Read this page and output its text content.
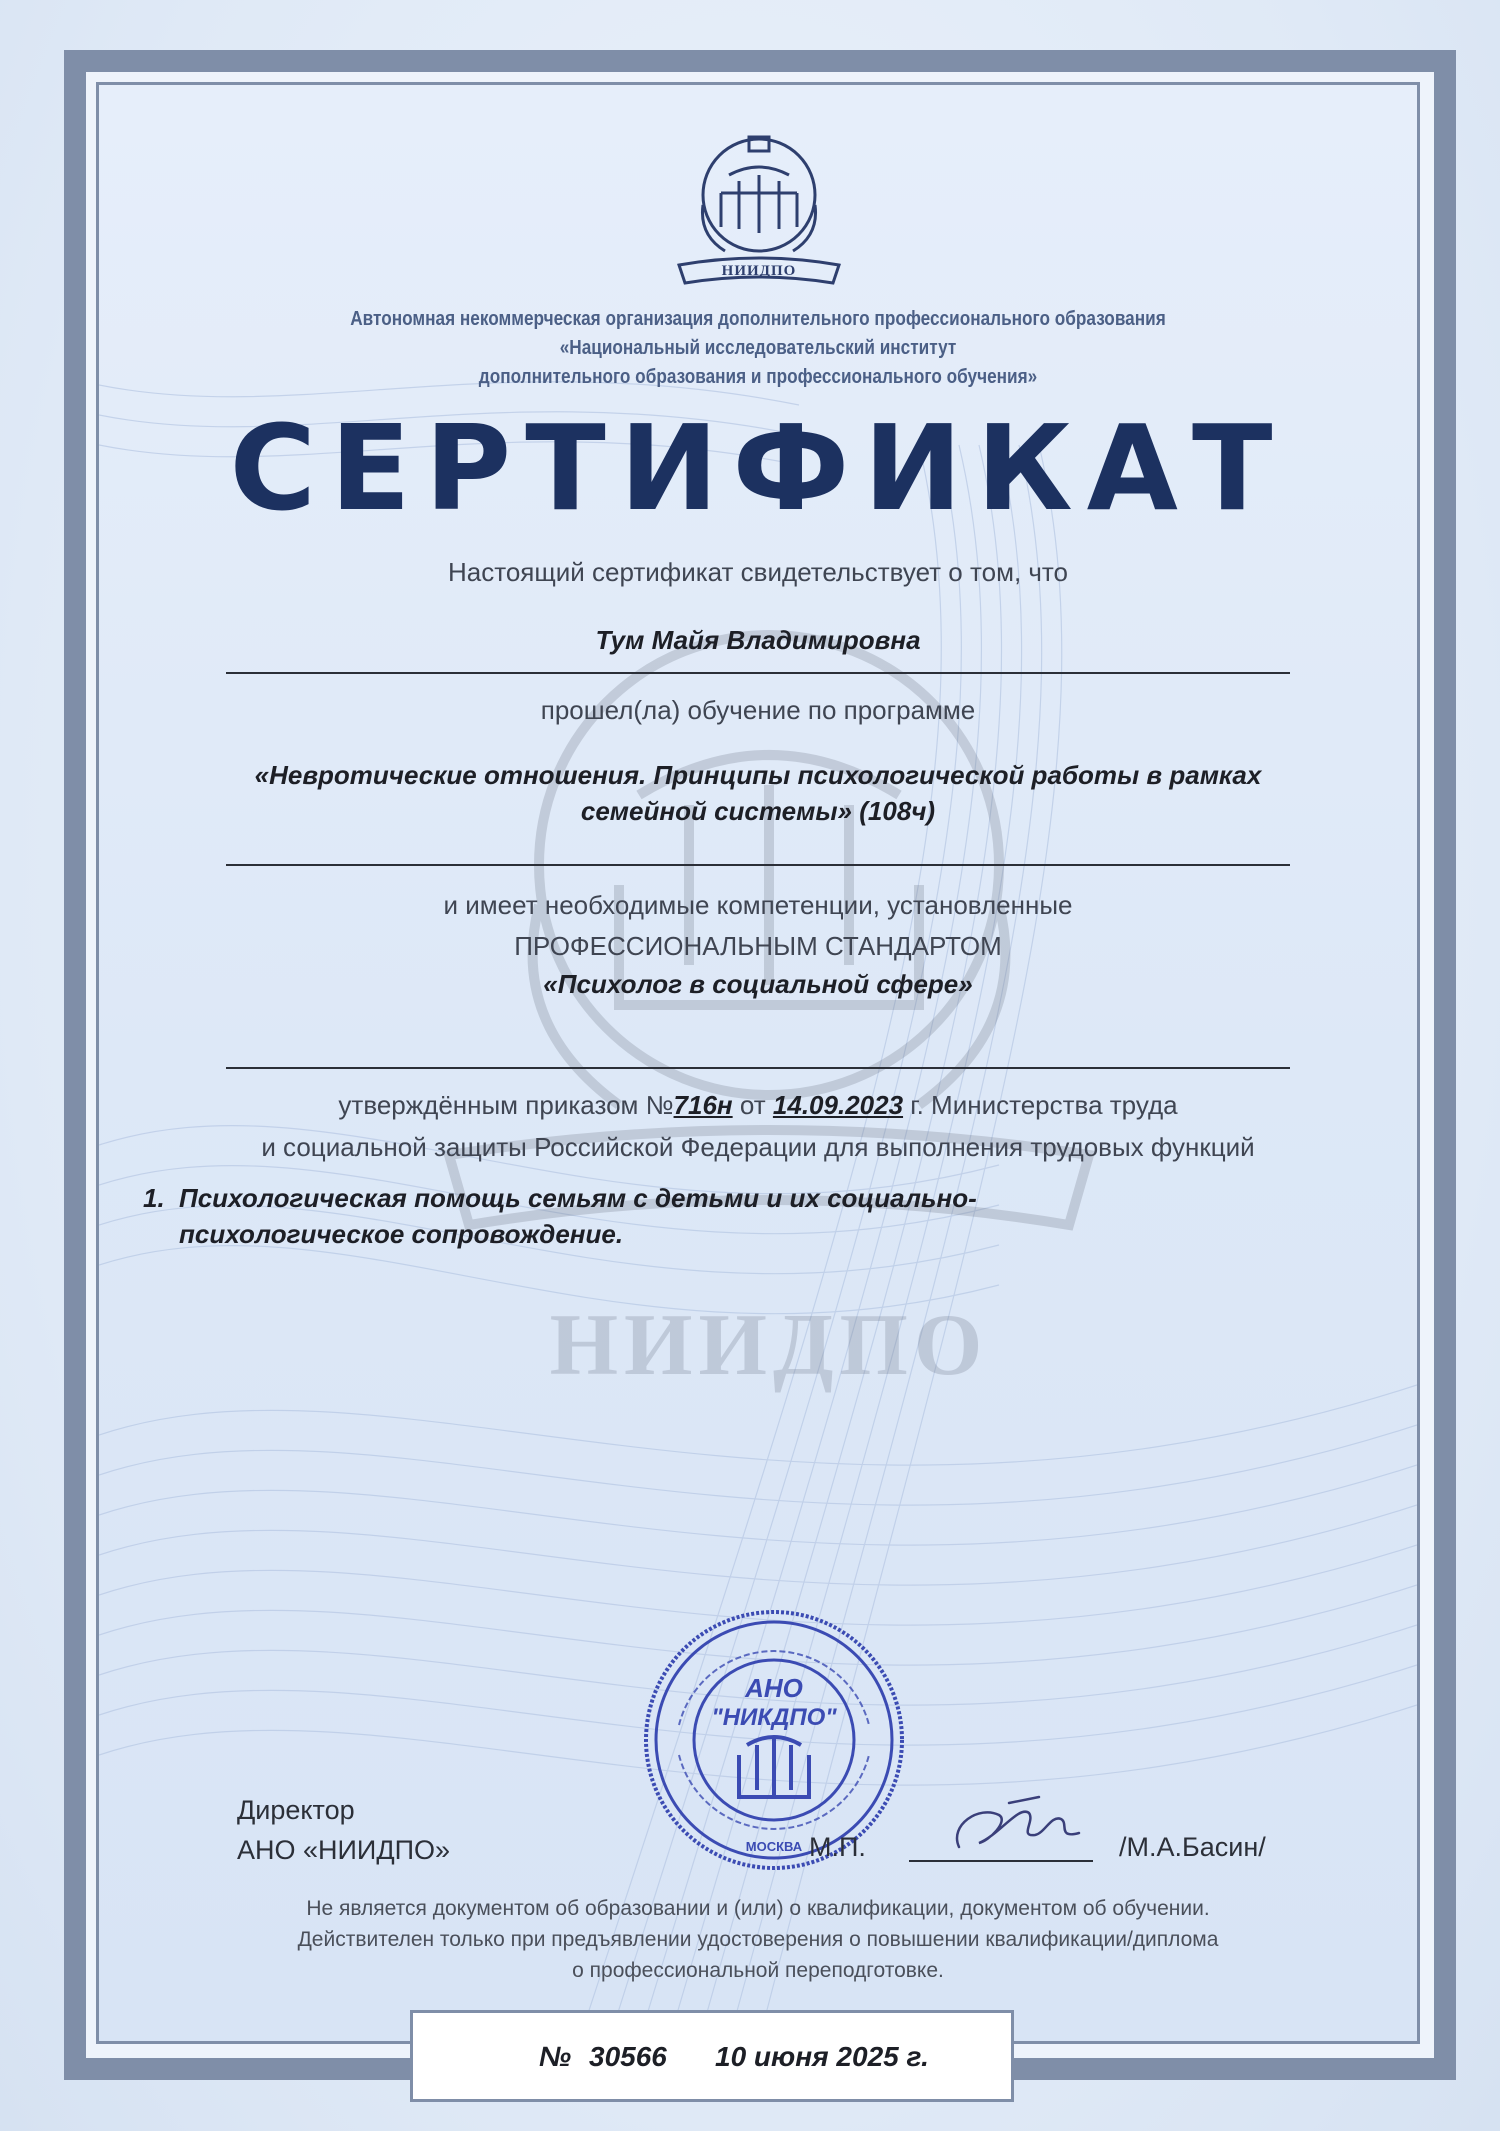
НИИДПО
НИИДПО
Автономная некоммерческая организация дополнительного профессионального образования
«Национальный исследовательский институт
дополнительного образования и профессионального обучения»
СЕРТИФИКАТ
Настоящий сертификат свидетельствует о том, что
Тум Майя Владимировна
прошел(ла) обучение по программе
«Невротические отношения. Принципы психологической работы в рамках
семейной системы» (108ч)
и имеет необходимые компетенции, установленные
ПРОФЕССИОНАЛЬНЫМ СТАНДАРТОМ
«Психолог в социальной сфере»
утверждённым приказом №716н от 14.09.2023 г. Министерства труда
и социальной защиты Российской Федерации для выполнения трудовых функций
1. Психологическая помощь семьям с детьми и их социально-
психологическое сопровождение.
АНО
"НИКДПО"
МОСКВА
Директор
АНО «НИИДПО»	М.П.	/М.А.Басин/
Не является документом об образовании и (или) о квалификации, документом об обучении.
Действителен только при предъявлении удостоверения о повышении квалификации/диплома
о профессиональной переподготовке.
№ 30566 10 июня 2025 г.
